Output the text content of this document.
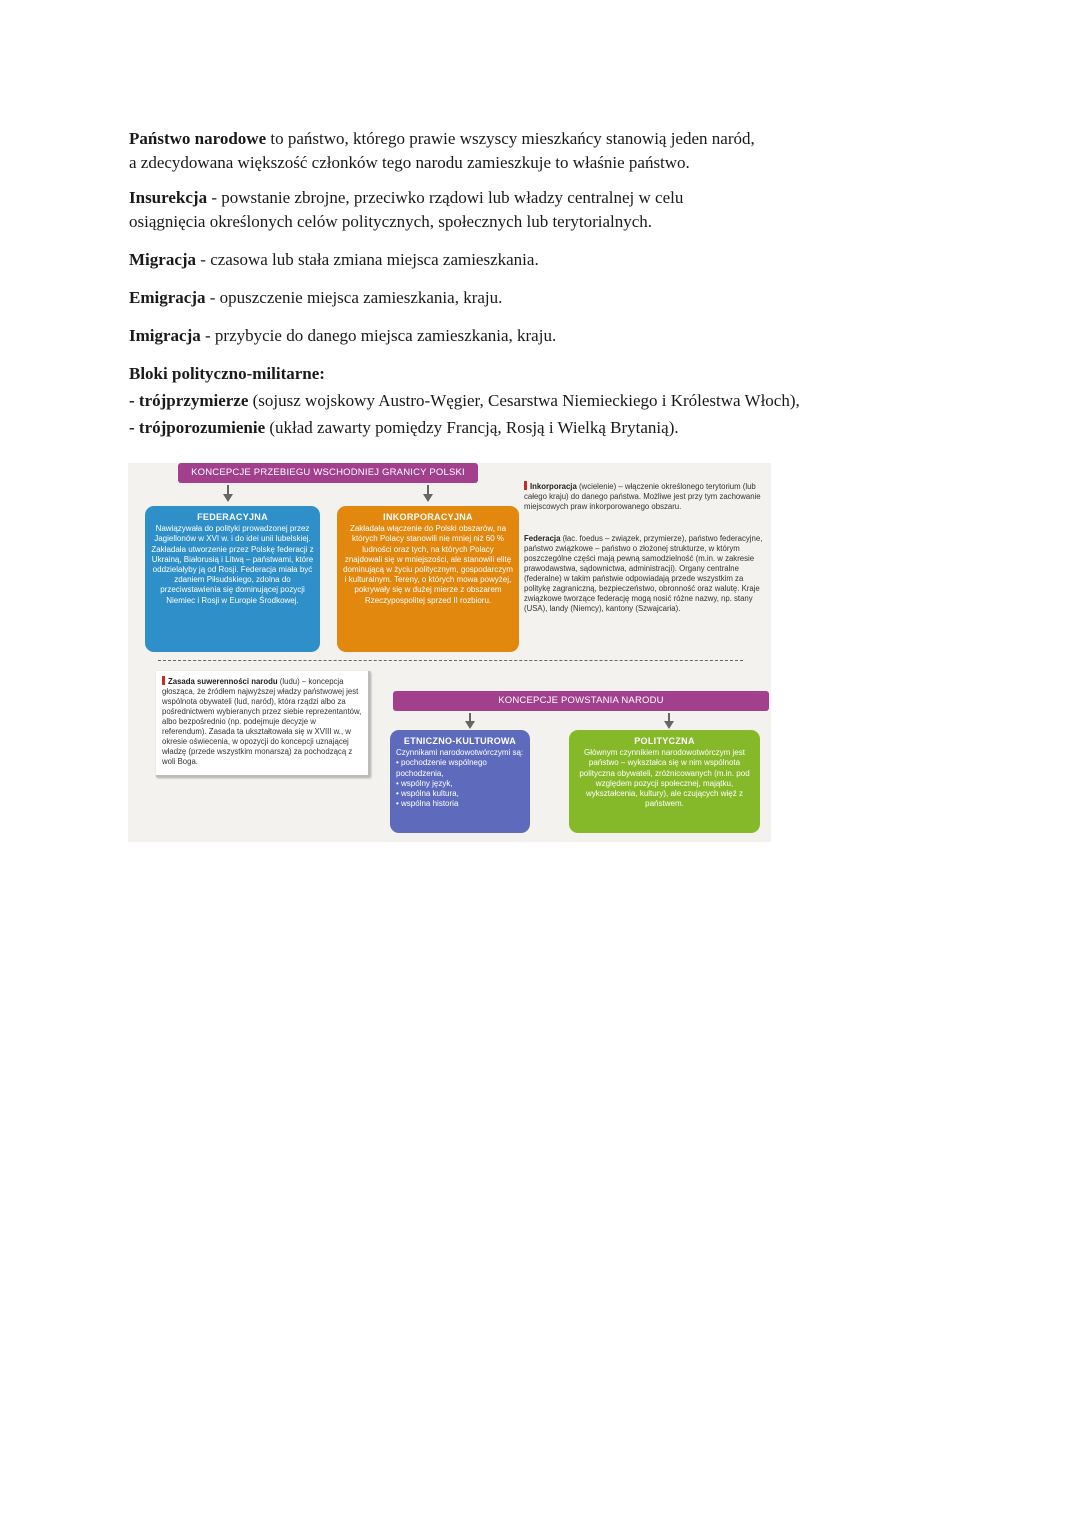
Państwo narodowe to państwo, którego prawie wszyscy mieszkańcy stanowią jeden naród,
a zdecydowana większość członków tego narodu zamieszkuje to właśnie państwo.

Insurekcja - powstanie zbrojne, przeciwko rządowi lub władzy centralnej w celu
osiągnięcia określonych celów politycznych, społecznych lub terytorialnych.

Migracja - czasowa lub stała zmiana miejsca zamieszkania.

Emigracja - opuszczenie miejsca zamieszkania, kraju.

Imigracja - przybycie do danego miejsca zamieszkania, kraju.

Bloki polityczno-militarne:

- trójprzymierze (sojusz wojskowy Austro-Węgier, Cesarstwa Niemieckiego i Królestwa Włoch),

- trójporozumienie (układ zawarty pomiędzy Francją, Rosją i Wielką Brytanią).

KONCEPCJE PRZEBIEGU WSCHODNIEJ GRANICY POLSKI
FEDERACYJNA
Nawiązywała do polityki prowadzonej przez Jagiellonów w XVI w. i do idei unii lubelskiej. Zakładała utworzenie przez Polskę federacji z Ukrainą, Białorusią i Litwą – państwami, które oddzielałyby ją od Rosji. Federacja miała być zdaniem Piłsudskiego, zdolna do przeciwstawienia się dominującej pozycji Niemiec i Rosji w Europie Środkowej.
INKORPORACYJNA
Zakładała włączenie do Polski obszarów, na których Polacy stanowili nie mniej niż 60 % ludności oraz tych, na których Polacy znajdowali się w mniejszości, ale stanowili elitę dominującą w życiu politycznym, gospodarczym i kulturalnym. Tereny, o których mowa powyżej, pokrywały się w dużej mierze z obszarem Rzeczypospolitej sprzed II rozbioru.
Inkorporacja (wcielenie) – włączenie określonego terytorium (lub całego kraju) do danego państwa. Możliwe jest przy tym zachowanie miejscowych praw inkorporowanego obszaru.
Federacja (łac. foedus – związek, przymierze), państwo federacyjne, państwo związkowe – państwo o złożonej strukturze, w którym poszczególne części mają pewną samodzielność (m.in. w zakresie prawodawstwa, sądownictwa, administracji). Organy centralne (federalne) w takim państwie odpowiadają przede wszystkim za politykę zagraniczną, bezpieczeństwo, obronność oraz walutę. Kraje związkowe tworzące federację mogą nosić różne nazwy, np. stany (USA), landy (Niemcy), kantony (Szwajcaria).
Zasada suwerenności narodu (ludu) – koncepcja głosząca, że źródłem najwyższej władzy państwowej jest wspólnota obywateli (lud, naród), która rządzi albo za pośrednictwem wybieranych przez siebie reprezentantów, albo bezpośrednio (np. podejmuje decyzje w referendum). Zasada ta ukształtowała się w XVIII w., w okresie oświecenia, w opozycji do koncepcji uznającej władzę (przede wszystkim monarszą) za pochodzącą z woli Boga.
KONCEPCJE POWSTANIA NARODU
ETNICZNO-KULTUROWA
Czynnikami narodowotwórczymi są:
• pochodzenie wspólnego pochodzenia,
• wspólny język,
• wspólna kultura,
• wspólna historia
POLITYCZNA
Głównym czynnikiem narodowotwórczym jest państwo – wykształca się w nim wspólnota polityczna obywateli, zróżnicowanych (m.in. pod względem pozycji społecznej, majątku, wykształcenia, kultury), ale czujących więź z państwem.
